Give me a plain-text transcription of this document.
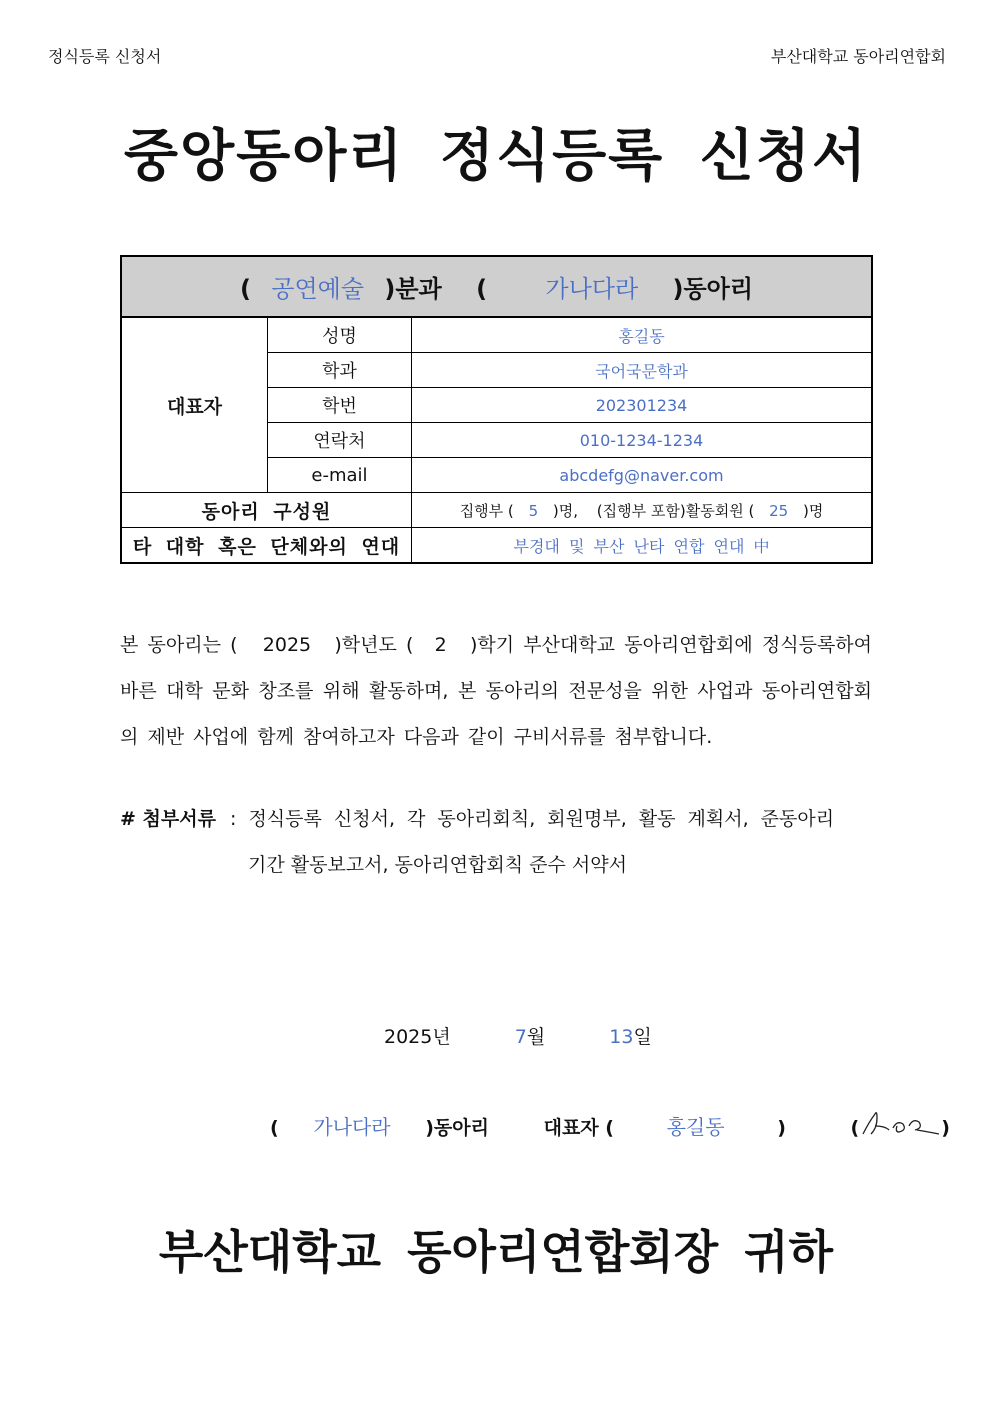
정식등록 신청서	부산대학교 동아리연합회
중앙동아리 정식등록 신청서
( 공연예술 )분과 ( 가나다라 )동아리		
대표자	성명	홍길동
	학과	국어국문학과
	학번	202301234
	연락처	010-1234-1234
	e-mail	abcdefg@naver.com
동아리 구성원		집행부 ( 5 )명, (집행부 포함)활동회원 ( 25 )명
타 대학 혹은 단체와의 연대		부경대 및 부산 난타 연합 연대 中
본 동아리는 ( 2025 )학년도 ( 2 )학기 부산대학교 동아리연합회에 정식등록하여 바른 대학 문화 창조를 위해 활동하며, 본 동아리의 전문성을 위한 사업과 동아리연합회의 제반 사업에 함께 참여하고자 다음과 같이 구비서류를 첨부합니다.
# 첨부서류 : 정식등록 신청서, 각 동아리회칙, 회원명부, 활동 계획서, 준동아리
기간 활동보고서, 동아리연합회칙 준수 서약서
2025년	7월	13일
( 가나다라 )동아리	대표자 (	홍길동	)	(	)
부산대학교 동아리연합회장 귀하
